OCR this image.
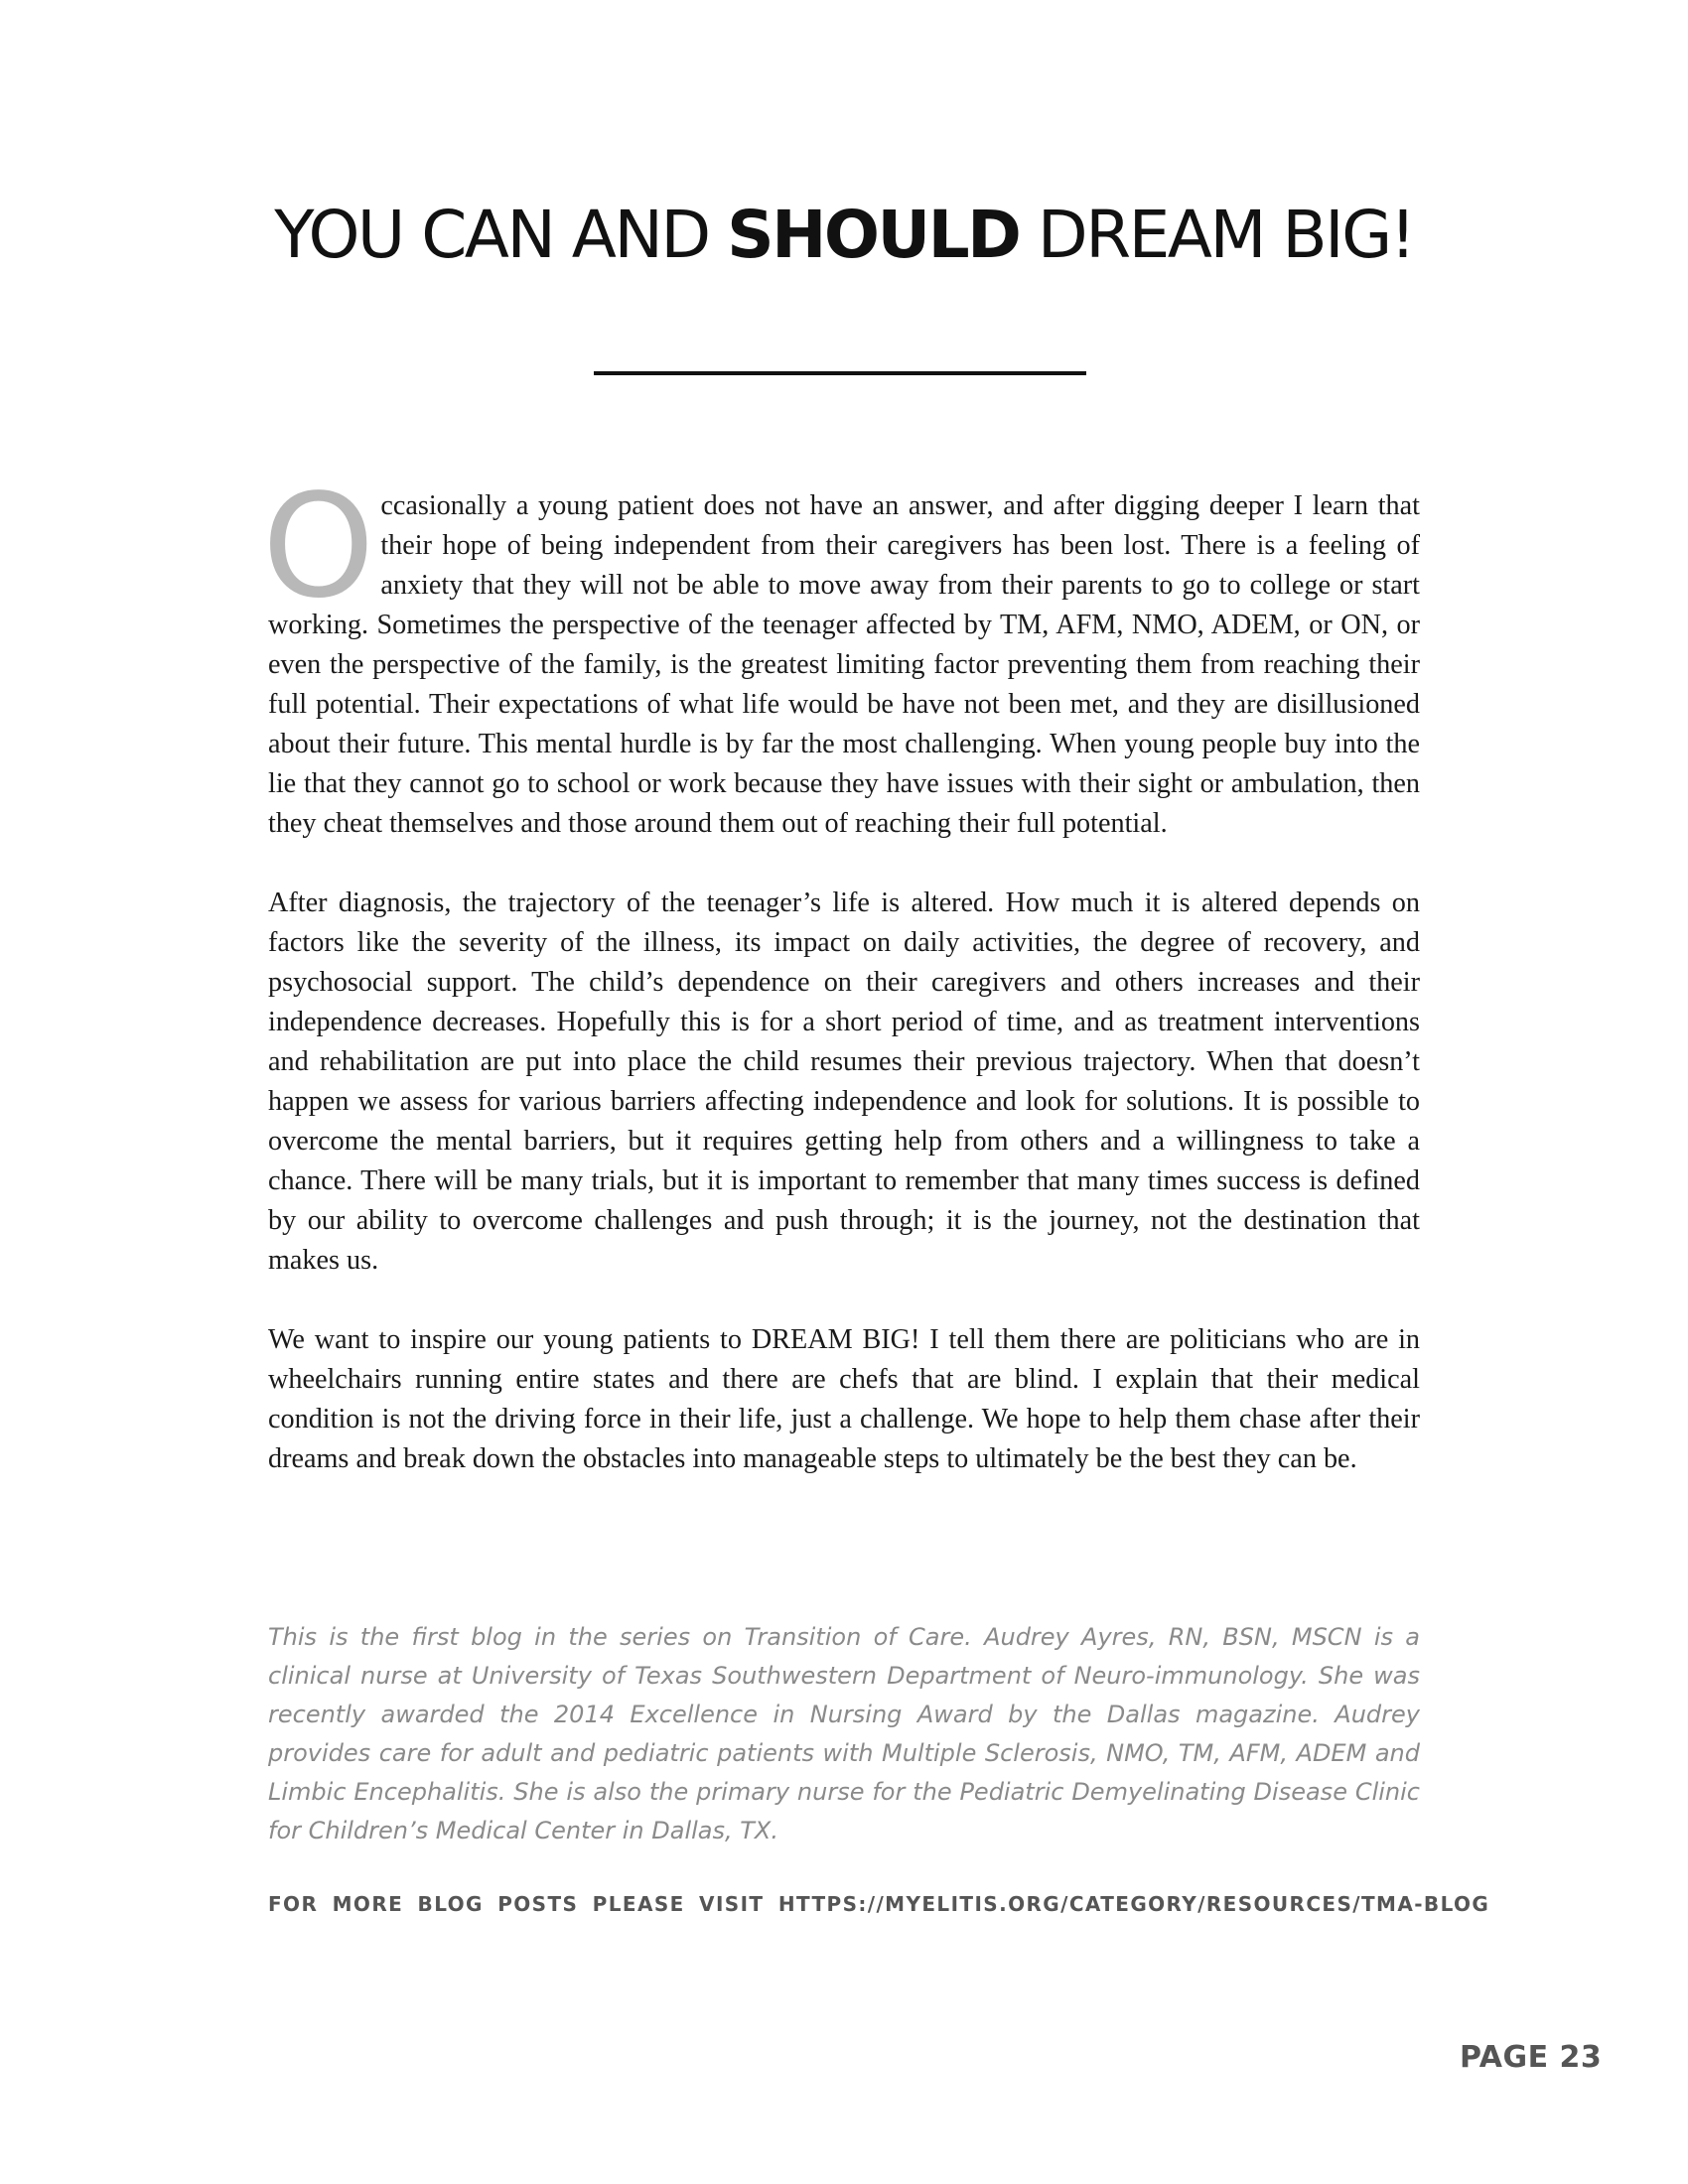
YOU CAN AND SHOULD DREAM BIG!

Occasionally a young patient does not have an answer, and after digging deeper I learn that their hope of being independent from their caregivers has been lost. There is a feeling of anxiety that they will not be able to move away from their parents to go to college or start working. Sometimes the perspective of the teenager affected by TM, AFM, NMO, ADEM, or ON, or even the perspective of the family, is the greatest limiting factor preventing them from reaching their full potential. Their expectations of what life would be have not been met, and they are disillusioned about their future. This mental hurdle is by far the most challenging. When young people buy into the lie that they cannot go to school or work because they have issues with their sight or ambulation, then they cheat themselves and those around them out of reaching their full potential.

After diagnosis, the trajectory of the teenager’s life is altered. How much it is altered depends on factors like the severity of the illness, its impact on daily activities, the degree of recovery, and psychosocial support. The child’s dependence on their caregivers and others increases and their independence decreases. Hopefully this is for a short period of time, and as treatment interventions and rehabilitation are put into place the child resumes their previous trajectory. When that doesn’t happen we assess for various barriers affecting independence and look for solutions. It is possible to overcome the mental barriers, but it requires getting help from others and a willingness to take a chance. There will be many trials, but it is important to remember that many times success is defined by our ability to overcome challenges and push through; it is the journey, not the destination that makes us.

We want to inspire our young patients to DREAM BIG! I tell them there are politicians who are in wheelchairs running entire states and there are chefs that are blind. I explain that their medical condition is not the driving force in their life, just a challenge. We hope to help them chase after their dreams and break down the obstacles into manageable steps to ultimately be the best they can be.

This is the first blog in the series on Transition of Care. Audrey Ayres, RN, BSN, MSCN is a clinical nurse at University of Texas Southwestern Department of Neuro-immunology. She was recently awarded the 2014 Excellence in Nursing Award by the Dallas magazine. Audrey provides care for adult and pediatric patients with Multiple Sclerosis, NMO, TM, AFM, ADEM and Limbic Encephalitis. She is also the primary nurse for the Pediatric Demyelinating Disease Clinic for Children’s Medical Center in Dallas, TX.

FOR MORE BLOG POSTS PLEASE VISIT HTTPS://MYELITIS.ORG/CATEGORY/RESOURCES/TMA-BLOG
PAGE 23
